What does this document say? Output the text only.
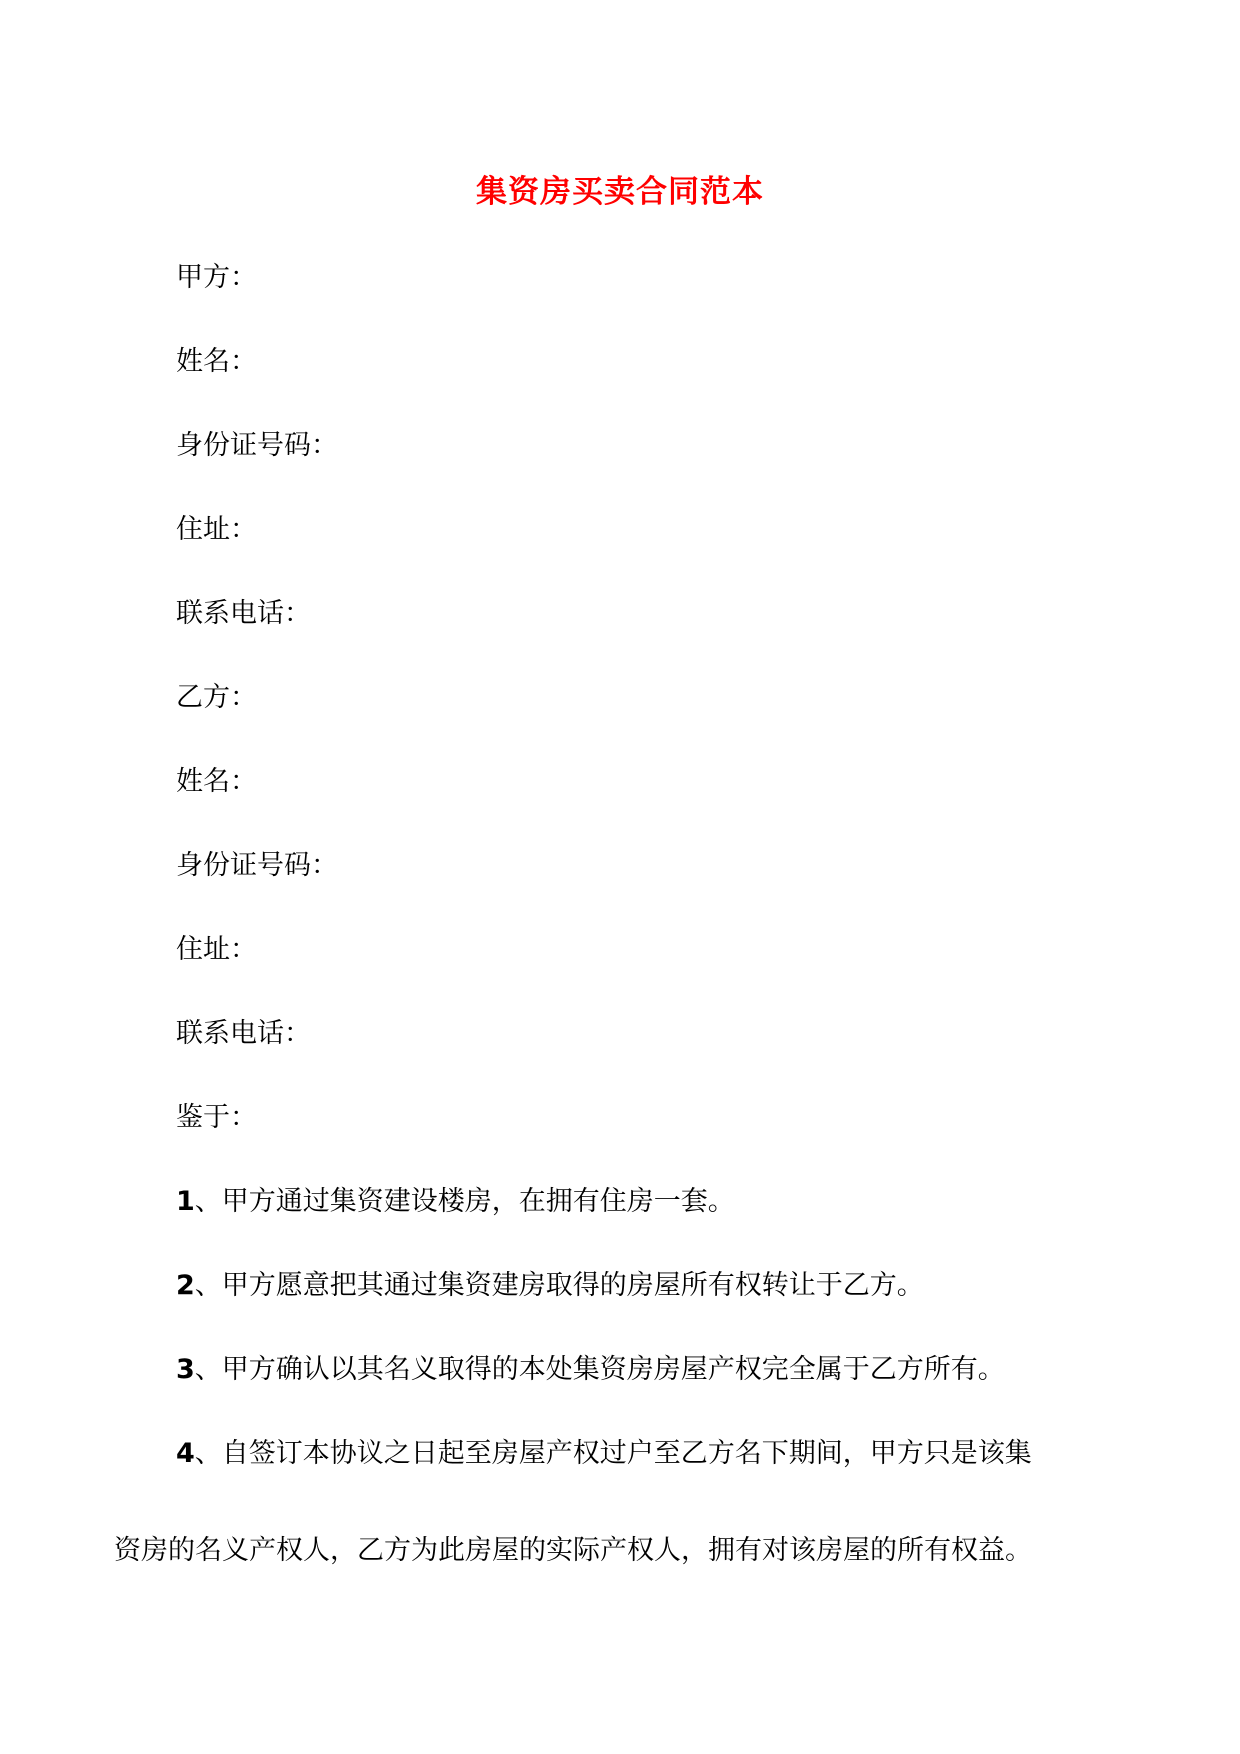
集资房买卖合同范本
甲方：
姓名：
身份证号码：
住址：
联系电话：
乙方：
姓名：
身份证号码：
住址：
联系电话：
鉴于：
1、甲方通过集资建设楼房，在拥有住房一套。
2、甲方愿意把其通过集资建房取得的房屋所有权转让于乙方。
3、甲方确认以其名义取得的本处集资房房屋产权完全属于乙方所有。
4、自签订本协议之日起至房屋产权过户至乙方名下期间，甲方只是该集
资房的名义产权人，乙方为此房屋的实际产权人，拥有对该房屋的所有权益。
